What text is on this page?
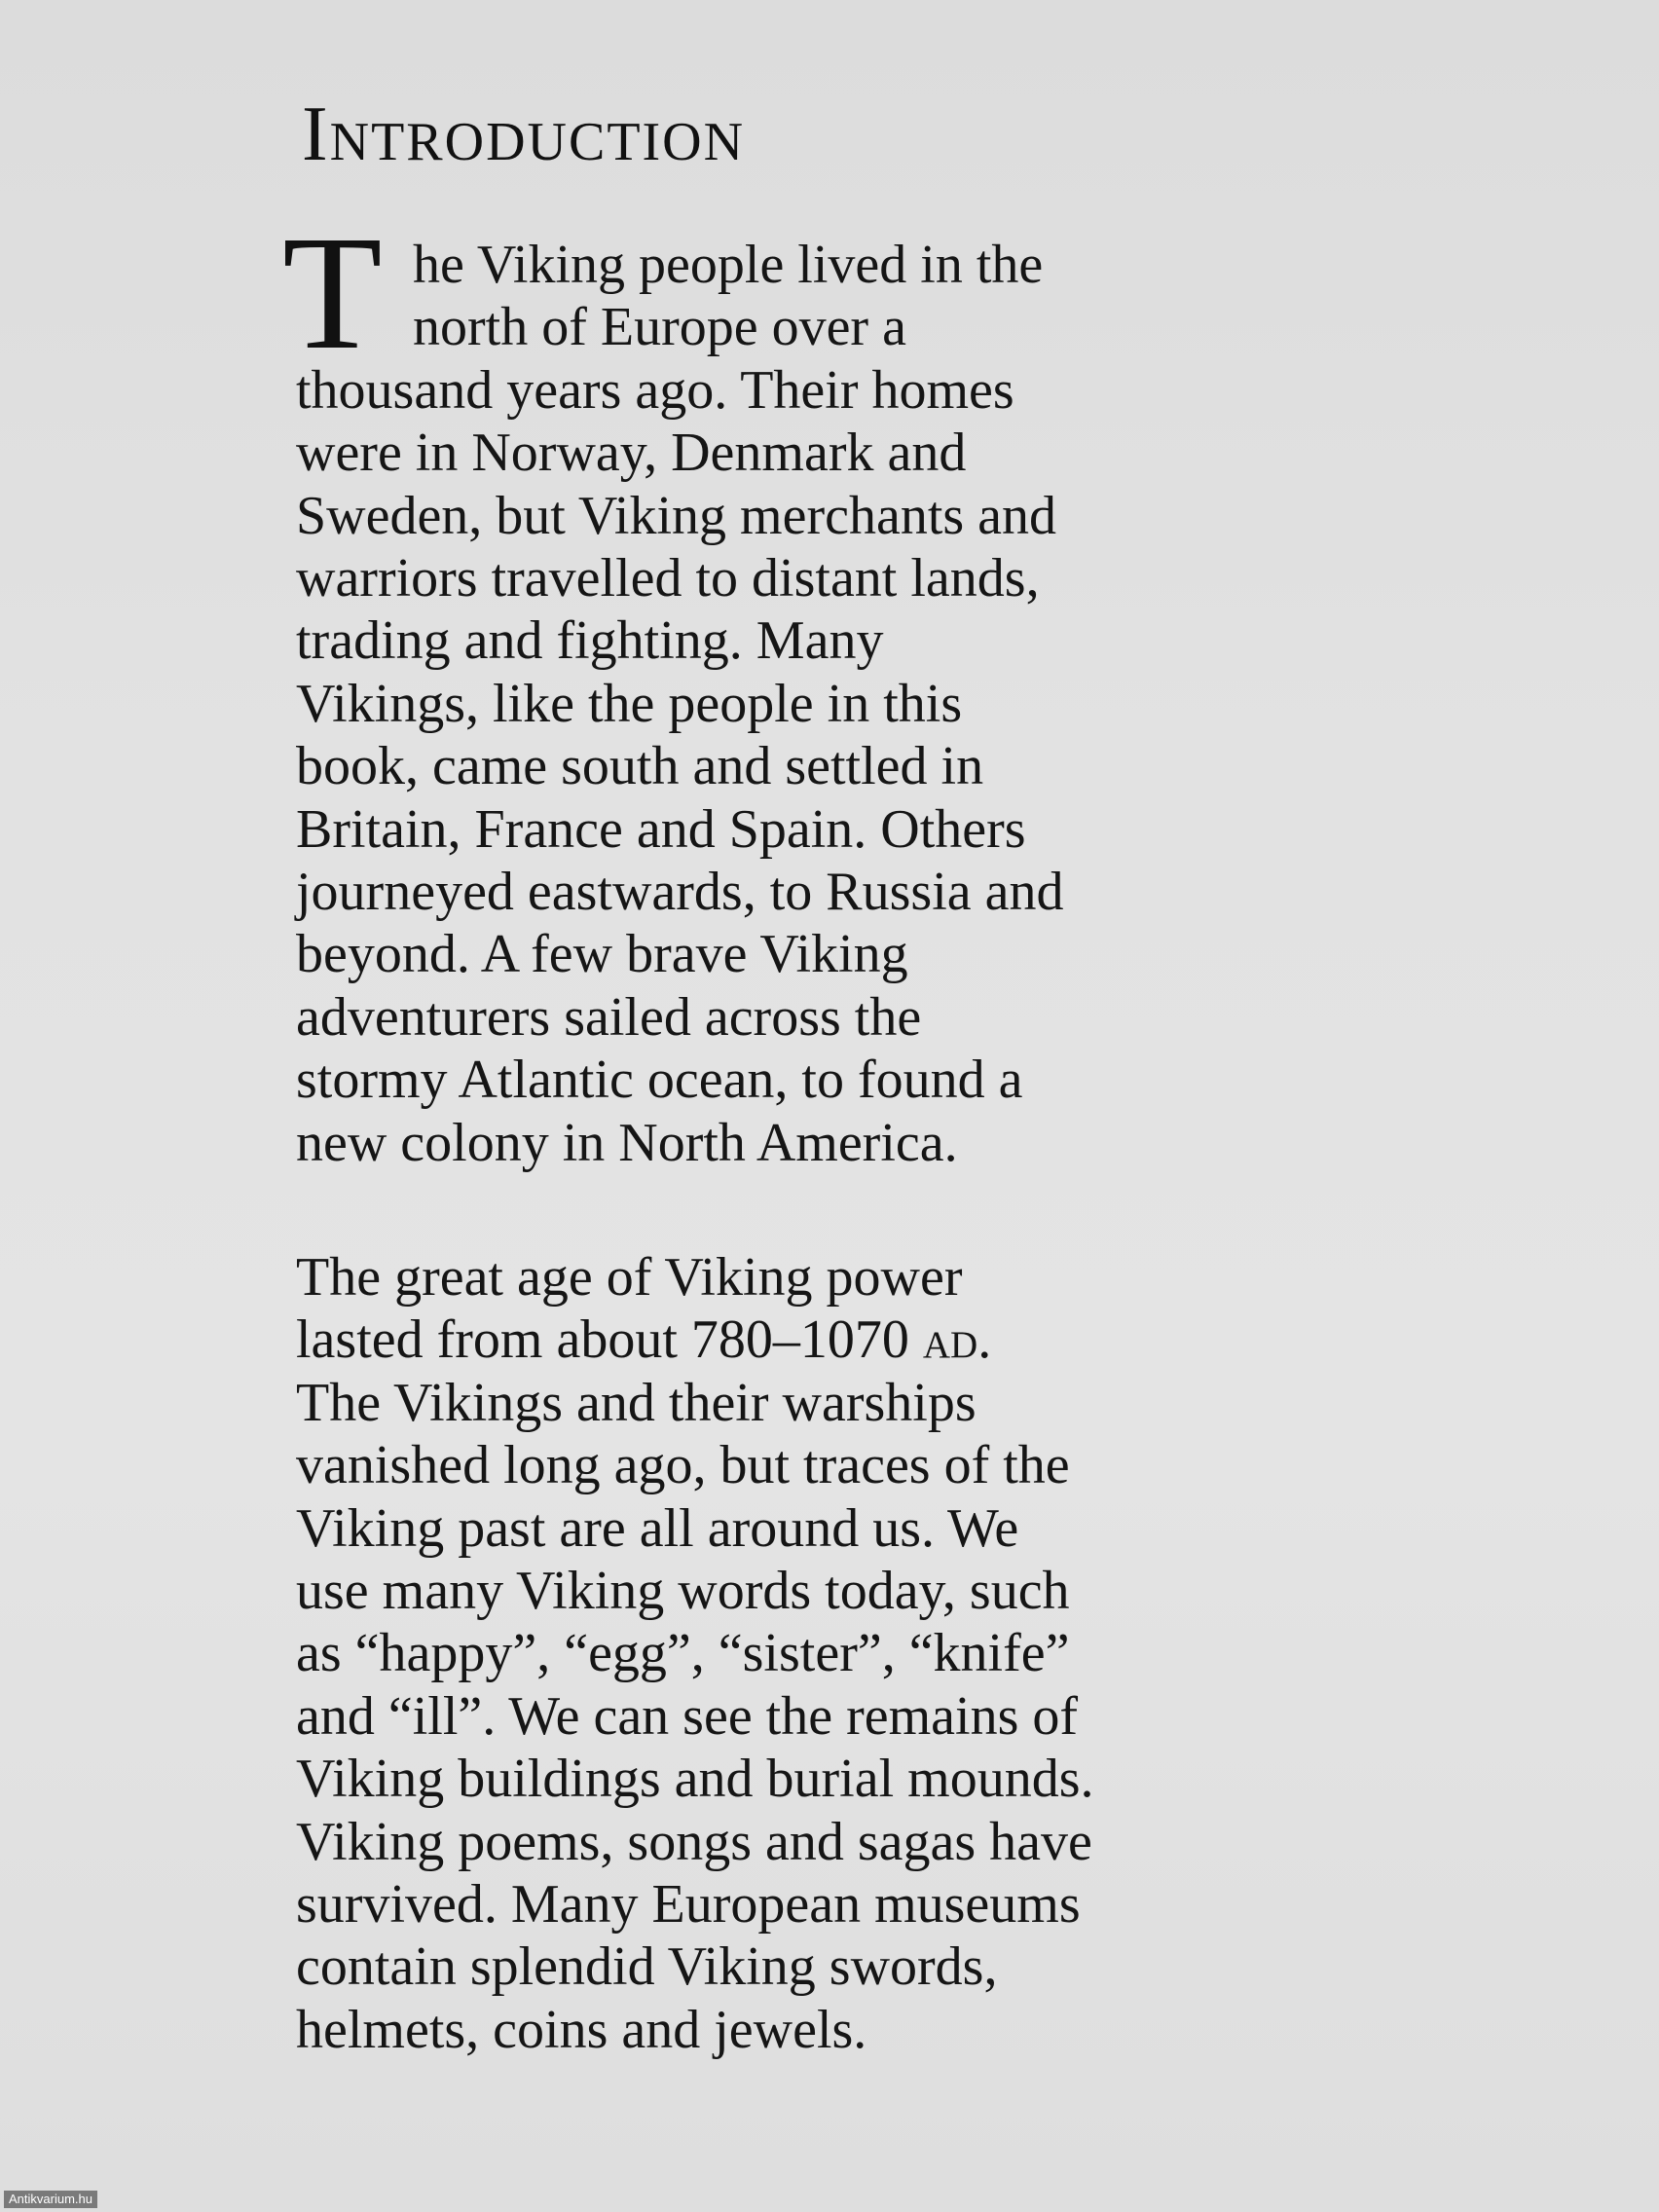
Introduction
T he Viking people lived in the
north of Europe over a
thousand years ago. Their homes
were in Norway, Denmark and
Sweden, but Viking merchants and
warriors travelled to distant lands,
trading and fighting. Many
Vikings, like the people in this
book, came south and settled in
Britain, France and Spain. Others
journeyed eastwards, to Russia and
beyond. A few brave Viking
adventurers sailed across the
stormy Atlantic ocean, to found a
new colony in North America.
The great age of Viking power
lasted from about 780–1070 ad.
The Vikings and their warships
vanished long ago, but traces of the
Viking past are all around us. We
use many Viking words today, such
as “happy”, “egg”, “sister”, “knife”
and “ill”. We can see the remains of
Viking buildings and burial mounds.
Viking poems, songs and sagas have
survived. Many European museums
contain splendid Viking swords,
helmets, coins and jewels.
Antikvarium.hu
